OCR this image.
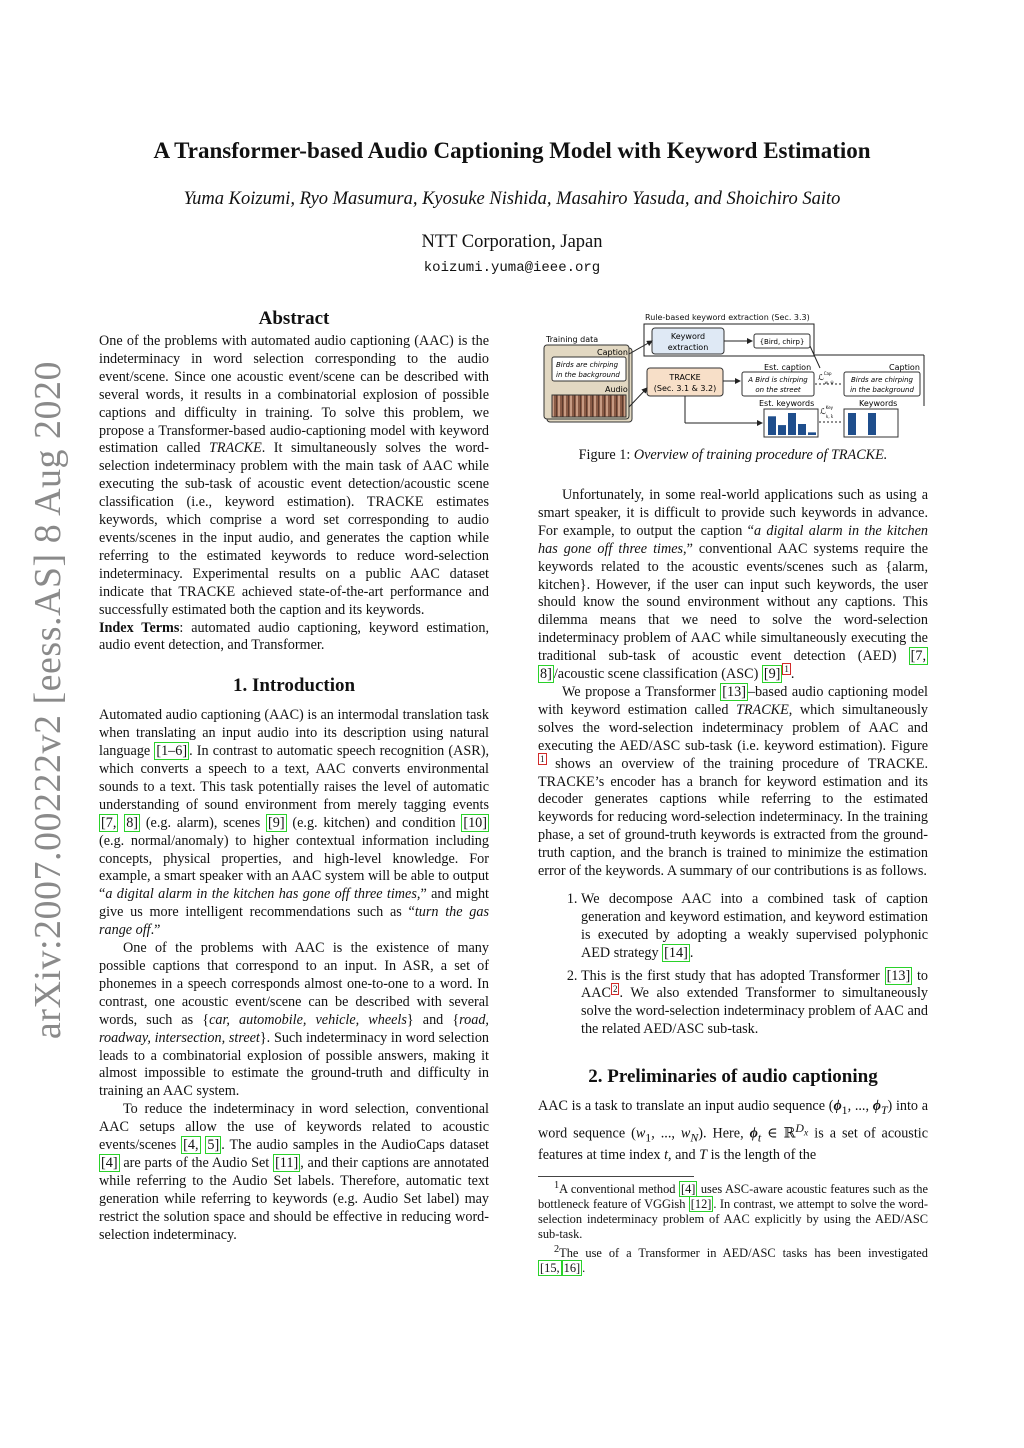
arXiv:2007.00222v2 [eess.AS] 8 Aug 2020
A Transformer-based Audio Captioning Model with Keyword Estimation
Yuma Koizumi, Ryo Masumura, Kyosuke Nishida, Masahiro Yasuda, and Shoichiro Saito
NTT Corporation, Japan
koizumi.yuma@ieee.org
Abstract

One of the problems with automated audio captioning (AAC) is the indeterminacy in word selection corresponding to the audio event/scene. Since one acoustic event/scene can be described with several words, it results in a combinatorial explosion of possible captions and difficulty in training. To solve this problem, we propose a Transformer-based audio-captioning model with keyword estimation called TRACKE. It simultaneously solves the word-selection indeterminacy problem with the main task of AAC while executing the sub-task of acoustic event detection/acoustic scene classification (i.e., keyword estimation). TRACKE estimates keywords, which comprise a word set corresponding to audio events/scenes in the input audio, and generates the caption while referring to the estimated keywords to reduce word-selection indeterminacy. Experimental results on a public AAC dataset indicate that TRACKE achieved state-of-the-art performance and successfully estimated both the caption and its keywords.

Index Terms: automated audio captioning, keyword estimation, audio event detection, and Transformer.

1. Introduction

Automated audio captioning (AAC) is an intermodal translation task when translating an input audio into its description using natural language [1–6] . In contrast to automatic speech recognition (ASR), which converts a speech to a text, AAC converts environmental sounds to a text. This task potentially raises the level of automatic understanding of sound environment from merely tagging events [7, 8] (e.g. alarm), scenes [9] (e.g. kitchen) and condition [10] (e.g. normal/anomaly) to higher contextual information including concepts, physical properties, and high-level knowledge. For example, a smart speaker with an AAC system will be able to output “a digital alarm in the kitchen has gone off three times,” and might give us more intelligent recommendations such as “turn the gas range off.”

One of the problems with AAC is the existence of many possible captions that correspond to an input. In ASR, a set of phonemes in a speech corresponds almost one-to-one to a word. In contrast, one acoustic event/scene can be described with several words, such as {car, automobile, vehicle, wheels} and {road, roadway, intersection, street}. Such indeterminacy in word selection leads to a combinatorial explosion of possible answers, making it almost impossible to estimate the ground-truth and difficulty in training an AAC system.

To reduce the indeterminacy in word selection, conventional AAC setups allow the use of keywords related to acoustic events/scenes [4, 5] . The audio samples in the AudioCaps dataset [4] are parts of the Audio Set [11] , and their captions are annotated while referring to the Audio Set labels. Therefore, automatic text generation while referring to keywords (e.g. Audio Set label) may restrict the solution space and should be effective in reducing word-selection indeterminacy.

Rule-based keyword extraction (Sec. 3.3)
Training data
Caption
Birds are chirping
in the background
Audio
Keyword
extraction
{Bird, chirp}
TRACKE
(Sec. 3.1 & 3.2)
Est. caption
A Bird is chirping
on the street
ℒ$^{Cap}$ w, ŵ
Caption
Birds are chirping
in the background
Est. keywords
ℒ$^{Key}$ k, k̂
Keywords
Figure 1: Overview of training procedure of TRACKE.

Unfortunately, in some real-world applications such as using a smart speaker, it is difficult to provide such keywords in advance. For example, to output the caption “a digital alarm in the kitchen has gone off three times,” conventional AAC systems require the keywords related to the acoustic events/scenes such as {alarm, kitchen}. However, if the user can input such keywords, the user should know the sound environment without any captions. This dilemma means that we need to solve the word-selection indeterminacy problem of AAC while simultaneously executing the traditional sub-task of acoustic event detection (AED) [7, 8] /acoustic scene classification (ASC) [9] $^1$ .

We propose a Transformer [13] –based audio captioning model with keyword estimation called TRACKE, which simultaneously solves the word-selection indeterminacy problem of AAC and executing the AED/ASC sub-task (i.e. keyword estimation). Figure $^1$ shows an overview of the training procedure of TRACKE. TRACKE’s encoder has a branch for keyword estimation and its decoder generates captions while referring to the estimated keywords for reducing word-selection indeterminacy. In the training phase, a set of ground-truth keywords is extracted from the ground-truth caption, and the branch is trained to minimize the estimation error of the keywords. A summary of our contributions is as follows.

1. We decompose AAC into a combined task of caption generation and keyword estimation, and keyword estimation is executed by adopting a weakly supervised polyphonic AED strategy [14] .
2. This is the first study that has adopted Transformer [13] to AAC $^2$ . We also extended Transformer to simultaneously solve the word-selection indeterminacy problem of AAC and the related AED/ASC sub-task.
2. Preliminaries of audio captioning

AAC is a task to translate an input audio sequence ($\phi_1$, ..., $\phi_T$) into a word sequence ($w_1$, ..., $w_N$). Here, $\phi_t$ ∈ ℝ$^{D_x}$ is a set of acoustic features at time index t, and T is the length of the

$^1$A conventional method [4] uses ASC-aware acoustic features such as the bottleneck feature of VGGish [12] . In contrast, we attempt to solve the word-selection indeterminacy problem of AAC explicitly by using the AED/ASC sub-task.

$^2$The use of a Transformer in AED/ASC tasks has been investigated [15, 16] .
